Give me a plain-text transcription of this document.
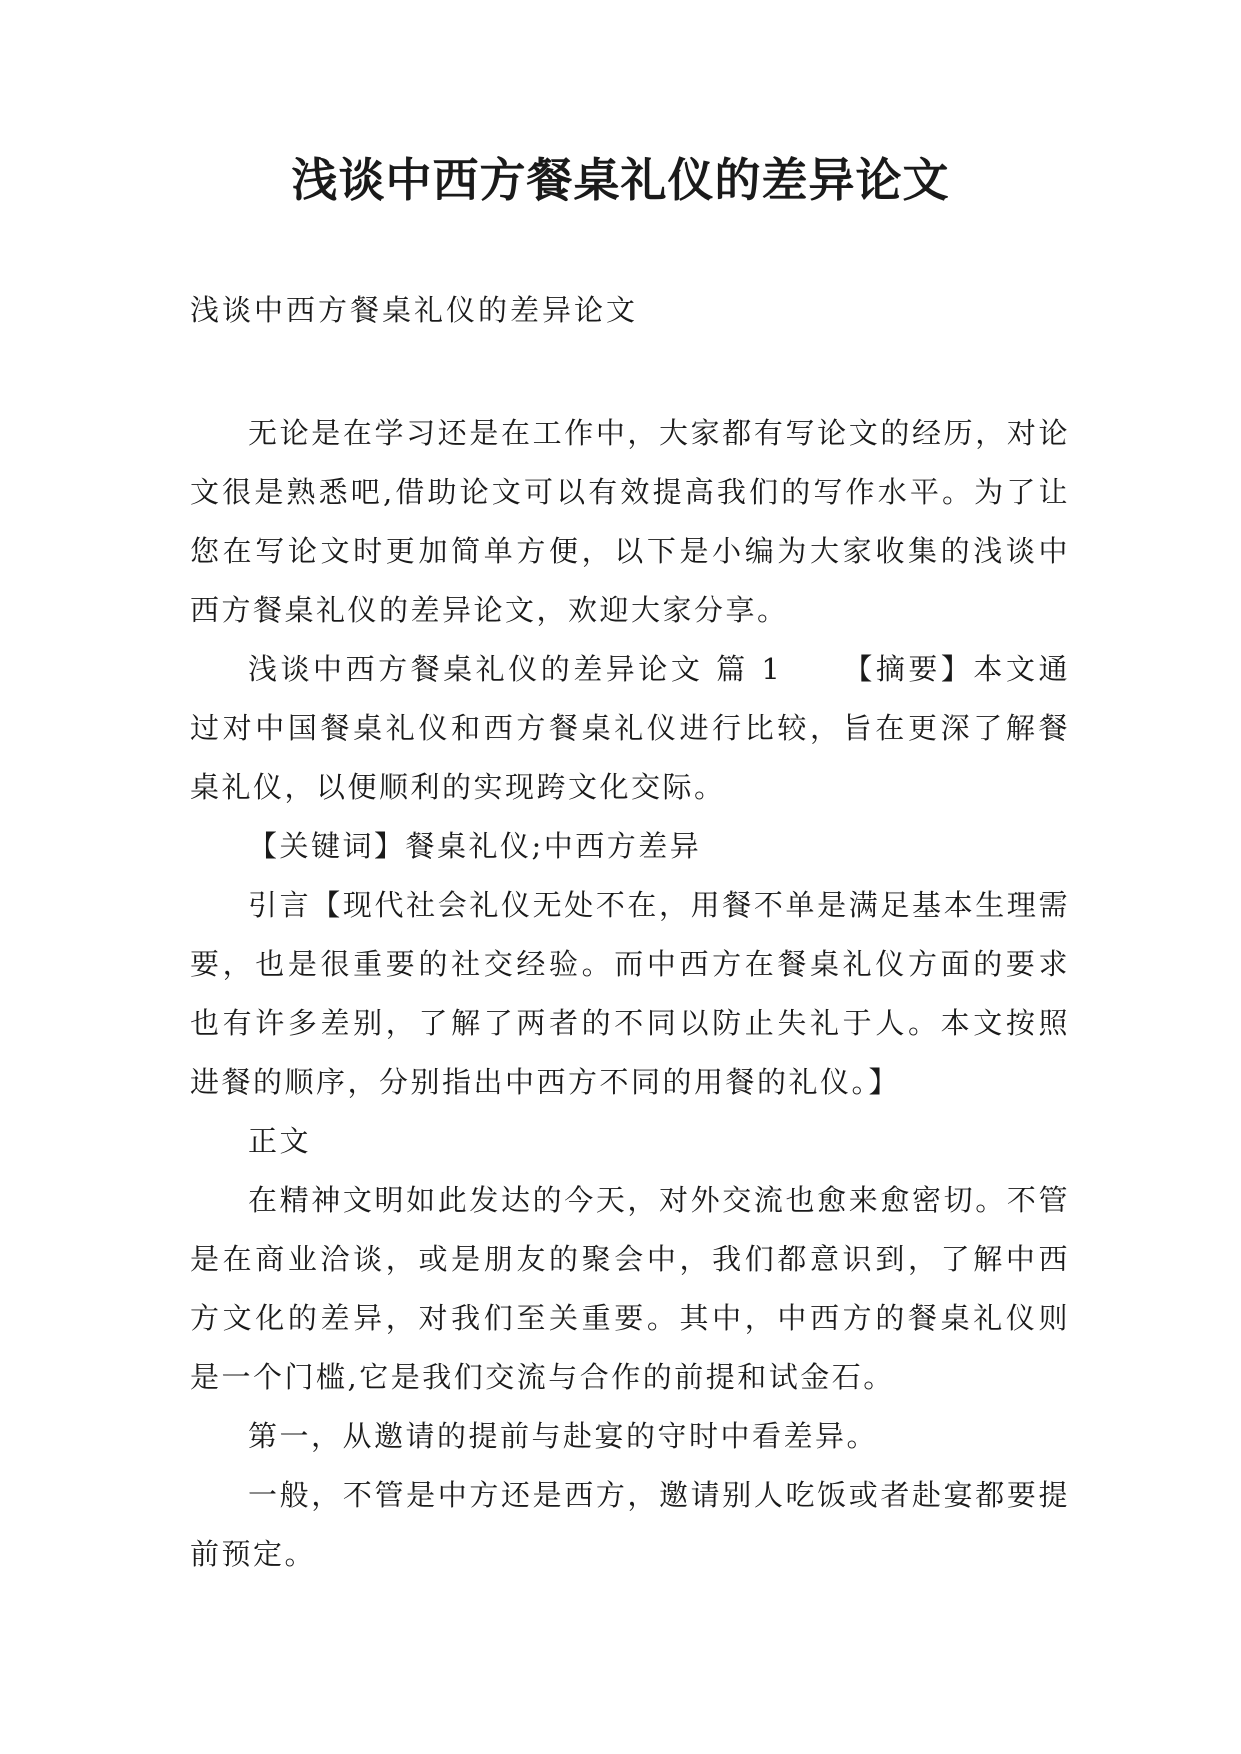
浅谈中西方餐桌礼仪的差异论文

浅谈中西方餐桌礼仪的差异论文

无论是在学习还是在工作中，大家都有写论文的经历，对论文很是熟悉吧,借助论文可以有效提高我们的写作水平。为了让您在写论文时更加简单方便，以下是小编为大家收集的浅谈中西方餐桌礼仪的差异论文，欢迎大家分享。

浅谈中西方餐桌礼仪的差异论文 篇 1 【摘要】本文通过对中国餐桌礼仪和西方餐桌礼仪进行比较，旨在更深了解餐桌礼仪，以便顺利的实现跨文化交际。

【关键词】餐桌礼仪;中西方差异

引言【现代社会礼仪无处不在，用餐不单是满足基本生理需要，也是很重要的社交经验。而中西方在餐桌礼仪方面的要求也有许多差别，了解了两者的不同以防止失礼于人。本文按照进餐的顺序，分别指出中西方不同的用餐的礼仪。】

正文

在精神文明如此发达的今天，对外交流也愈来愈密切。不管是在商业洽谈，或是朋友的聚会中，我们都意识到，了解中西方文化的差异，对我们至关重要。其中，中西方的餐桌礼仪则是一个门槛,它是我们交流与合作的前提和试金石。

第一，从邀请的提前与赴宴的守时中看差异。

一般，不管是中方还是西方，邀请别人吃饭或者赴宴都要提前预定。
